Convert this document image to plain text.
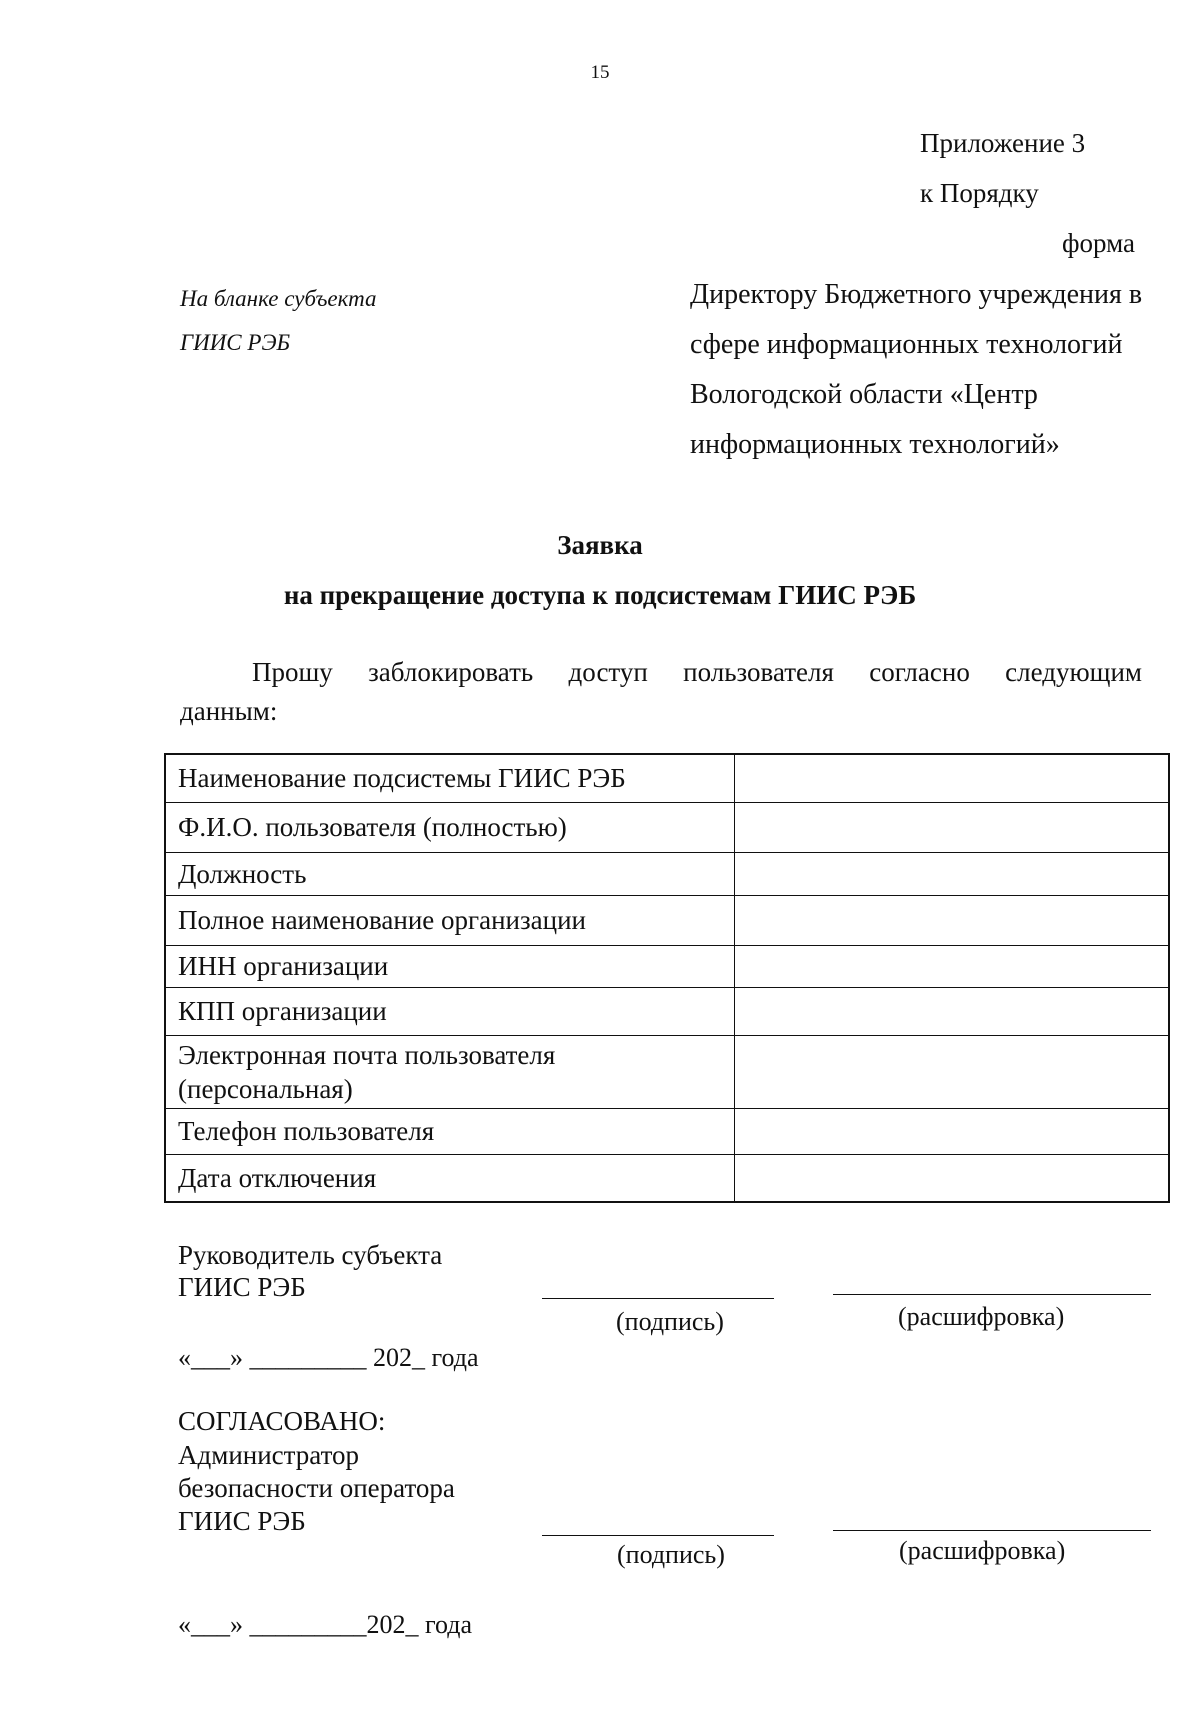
15
Приложение 3
к Порядку
форма
На бланке субъекта
ГИИС РЭБ
Директору Бюджетного учреждения в
сфере информационных технологий
Вологодской области «Центр
информационных технологий»
Заявка
на прекращение доступа к подсистемам ГИИС РЭБ
Прошу заблокировать доступ пользователя согласно следующим
данным:
Наименование подсистемы ГИИС РЭБ	
Ф.И.О. пользователя (полностью)	
Должность	
Полное наименование организации	
ИНН организации	
КПП организации	
Электронная почта пользователя (персональная)	
Телефон пользователя	
Дата отключения	
Руководитель субъекта
ГИИС РЭБ
(подпись)	(расшифровка)
«___» _________ 202_ года
СОГЛАСОВАНО:
Администратор
безопасности оператора
ГИИС РЭБ
(подпись)	(расшифровка)
«___» _________202_ года
